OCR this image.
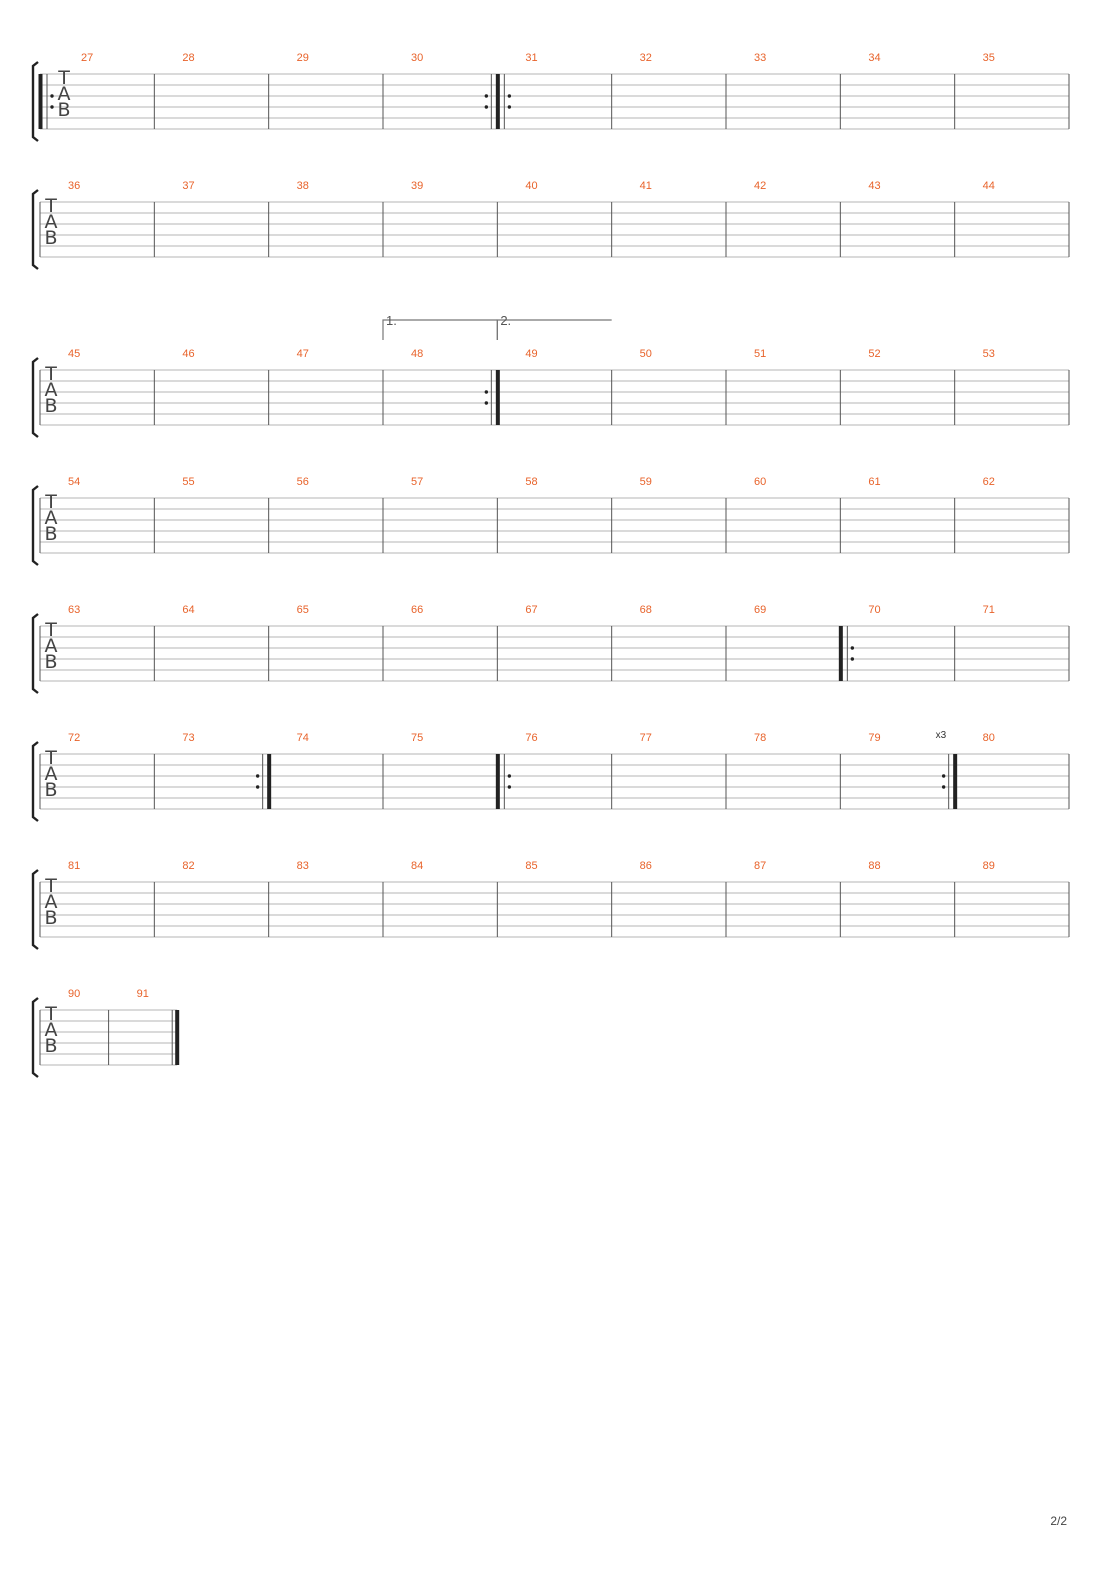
T
A
B
27	28	29	30	31	32	33	34	35
T
A
B
36	37	38	39	40	41	42	43	44
T
A
B
45	46	47	48	49	50	51	52	53
1.	2.
T
A
B
54	55	56	57	58	59	60	61	62
T
A
B
63	64	65	66	67	68	69	70	71
T
A
B
72	73	74	75	76	77	78	79	80
x3
T
A
B
81	82	83	84	85	86	87	88	89
T
A
B
90	91
2/2
